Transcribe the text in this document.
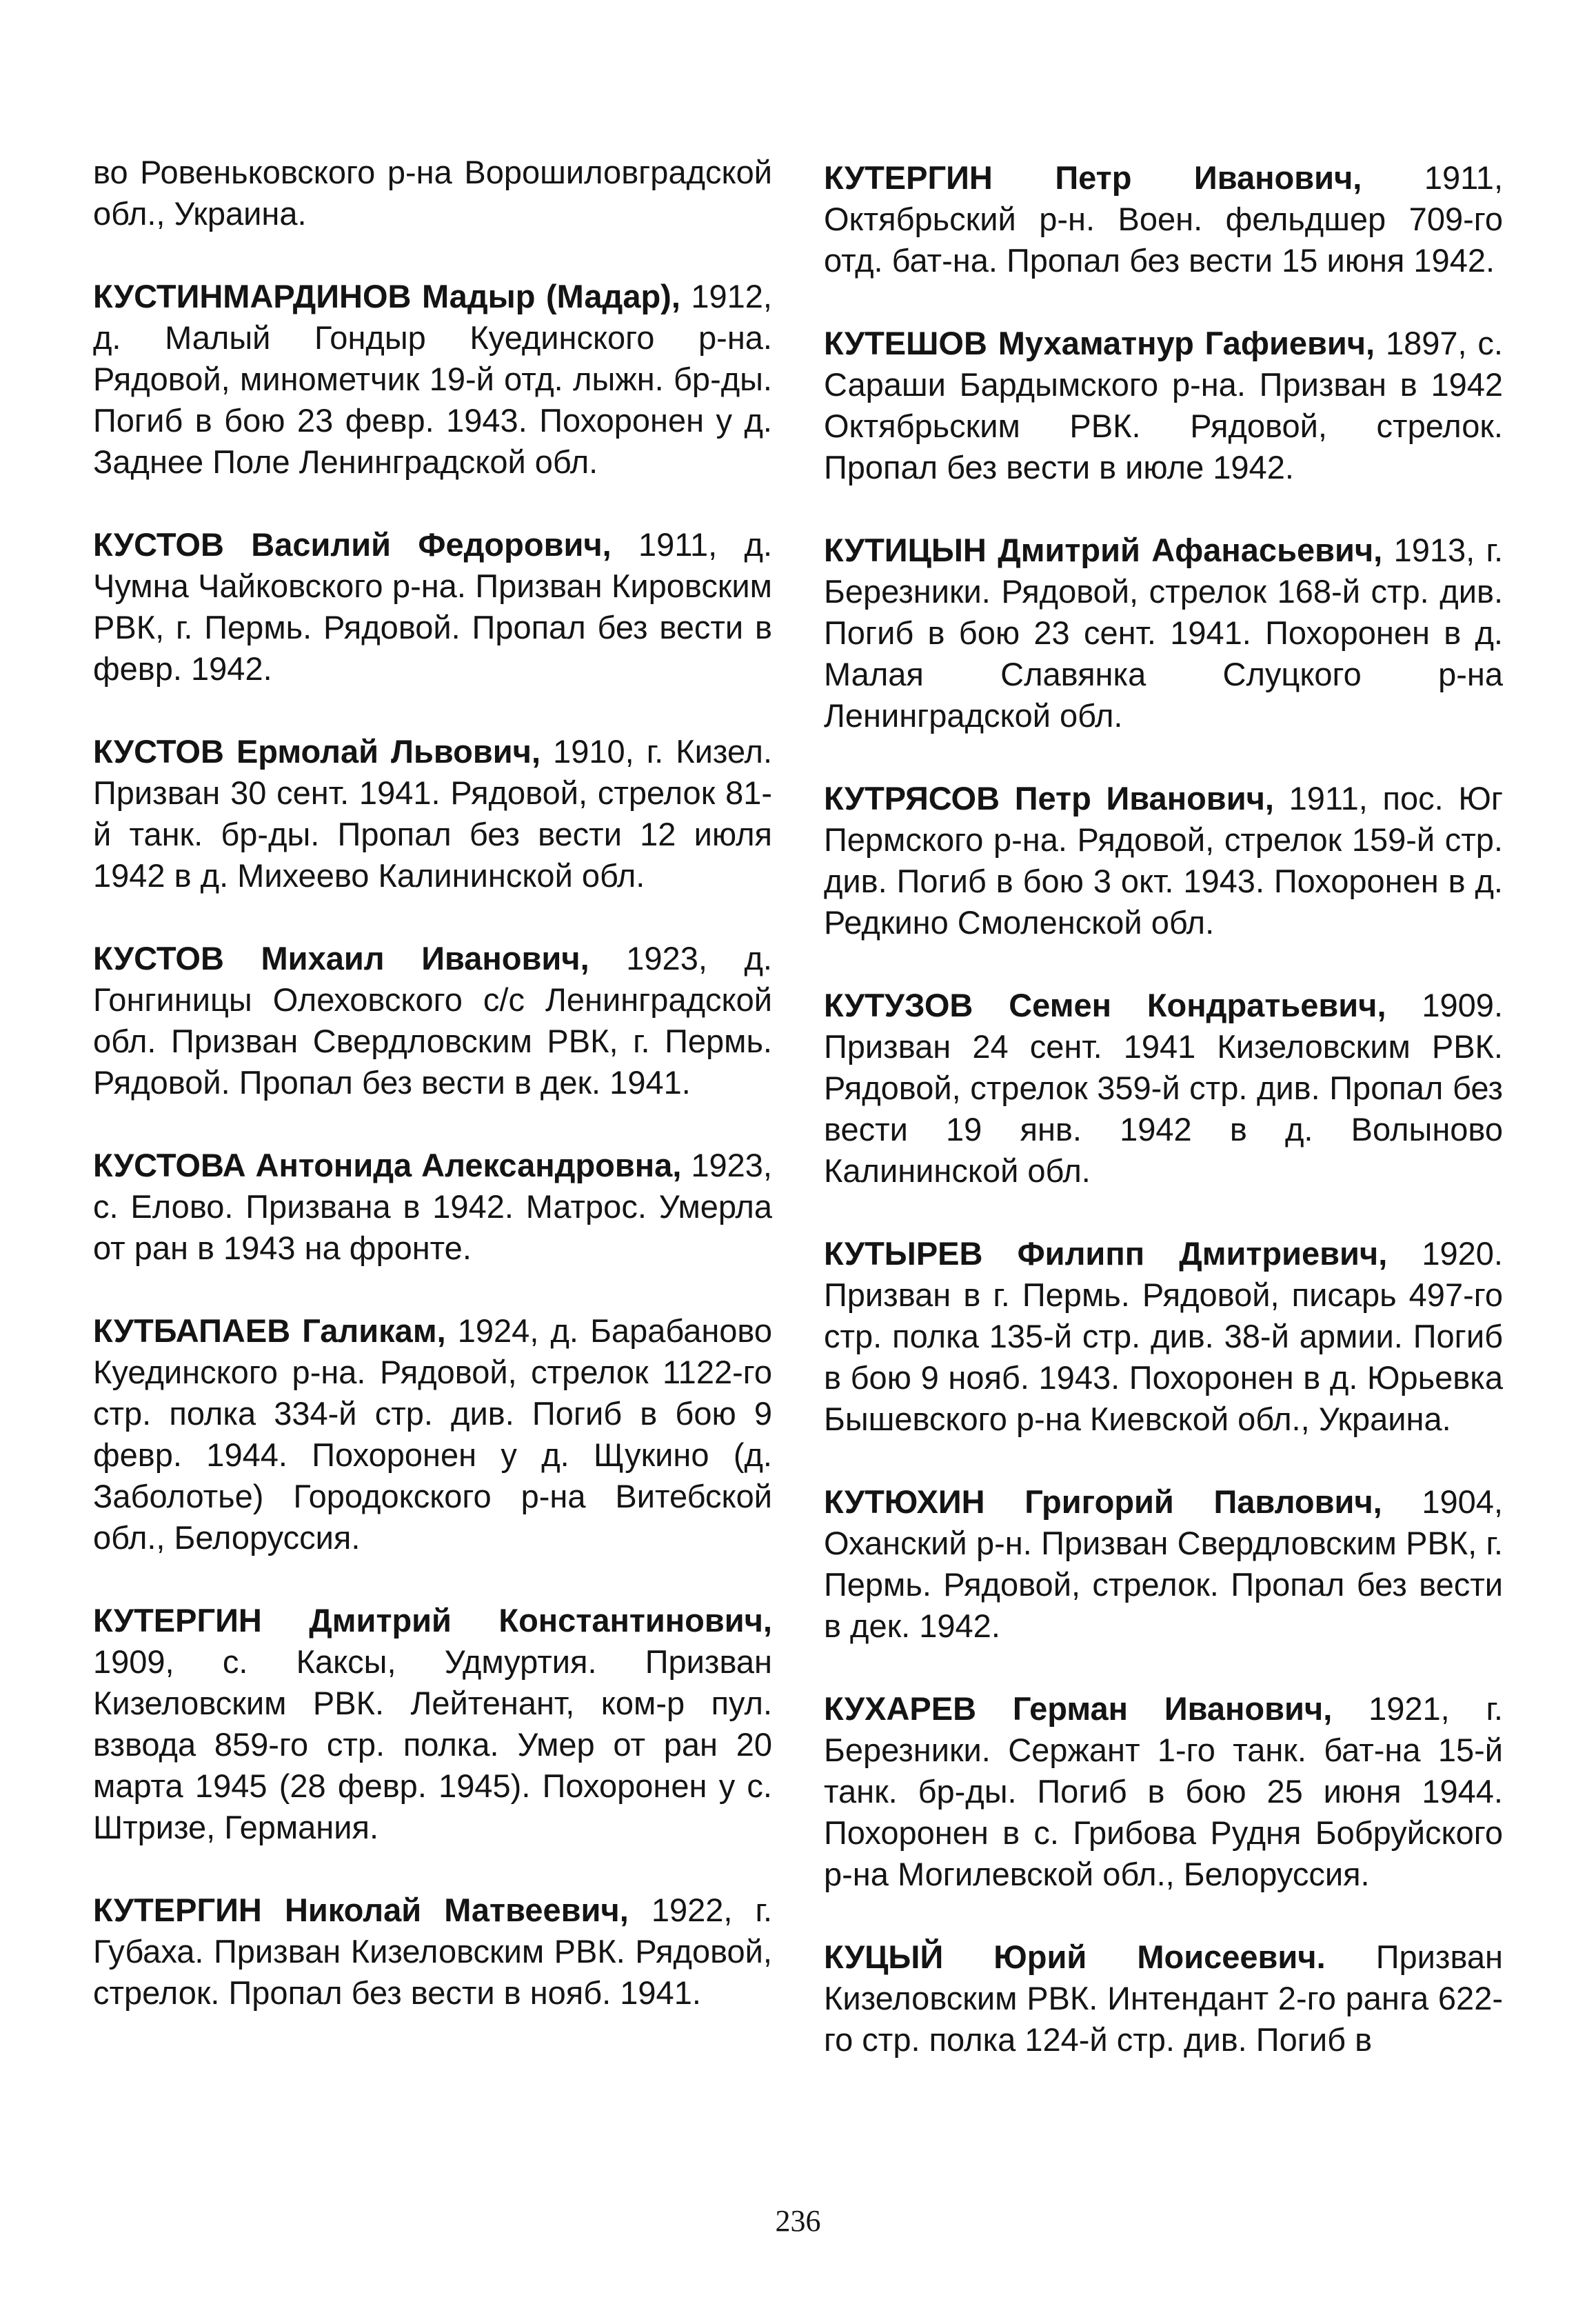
во Ровеньковского р-на Ворошиловградской обл., Украина.

КУСТИНМАРДИНОВ Мадыр (Мадар), 1912, д. Малый Гондыр Куединского р-на. Рядовой, минометчик 19-й отд. лыжн. бр-ды. Погиб в бою 23 февр. 1943. Похоронен у д. Заднее Поле Ленинградской обл.

КУСТОВ Василий Федорович, 1911, д. Чумна Чайковского р-на. Призван Кировским РВК, г. Пермь. Рядовой. Пропал без вести в февр. 1942.

КУСТОВ Ермолай Львович, 1910, г. Кизел. Призван 30 сент. 1941. Рядовой, стрелок 81-й танк. бр-ды. Пропал без вести 12 июля 1942 в д. Михеево Калининской обл.

КУСТОВ Михаил Иванович, 1923, д. Гонгиницы Олеховского с/с Ленинградской обл. Призван Свердловским РВК, г. Пермь. Рядовой. Пропал без вести в дек. 1941.

КУСТОВА Антонида Александровна, 1923, с. Елово. Призвана в 1942. Матрос. Умерла от ран в 1943 на фронте.

КУТБАПАЕВ Галикам, 1924, д. Барабаново Куединского р-на. Рядовой, стрелок 1122-го стр. полка 334-й стр. див. Погиб в бою 9 февр. 1944. Похоронен у д. Щукино (д. Заболотье) Городокского р-на Витебской обл., Белоруссия.

КУТЕРГИН Дмитрий Константинович, 1909, с. Каксы, Удмуртия. Призван Кизеловским РВК. Лейтенант, ком-р пул. взвода 859-го стр. полка. Умер от ран 20 марта 1945 (28 февр. 1945). Похоронен у с. Штризе, Германия.

КУТЕРГИН Николай Матвеевич, 1922, г. Губаха. Призван Кизеловским РВК. Рядовой, стрелок. Пропал без вести в нояб. 1941.

КУТЕРГИН Петр Иванович, 1911, Октябрьский р-н. Воен. фельдшер 709-го отд. бат-на. Пропал без вести 15 июня 1942.

КУТЕШОВ Мухаматнур Гафиевич, 1897, с. Сараши Бардымского р-на. Призван в 1942 Октябрьским РВК. Рядовой, стрелок. Пропал без вести в июле 1942.

КУТИЦЫН Дмитрий Афанасьевич, 1913, г. Березники. Рядовой, стрелок 168-й стр. див. Погиб в бою 23 сент. 1941. Похоронен в д. Малая Славянка Слуцкого р-на Ленинградской обл.

КУТРЯСОВ Петр Иванович, 1911, пос. Юг Пермского р-на. Рядовой, стрелок 159-й стр. див. Погиб в бою 3 окт. 1943. Похоронен в д. Редкино Смоленской обл.

КУТУЗОВ Семен Кондратьевич, 1909. Призван 24 сент. 1941 Кизеловским РВК. Рядовой, стрелок 359-й стр. див. Пропал без вести 19 янв. 1942 в д. Волыново Калининской обл.

КУТЫРЕВ Филипп Дмитриевич, 1920. Призван в г. Пермь. Рядовой, писарь 497-го стр. полка 135-й стр. див. 38-й армии. Погиб в бою 9 нояб. 1943. Похоронен в д. Юрьевка Бышевского р-на Киевской обл., Украина.

КУТЮХИН Григорий Павлович, 1904, Оханский р-н. Призван Свердловским РВК, г. Пермь. Рядовой, стрелок. Пропал без вести в дек. 1942.

КУХАРЕВ Герман Иванович, 1921, г. Березники. Сержант 1-го танк. бат-на 15-й танк. бр-ды. Погиб в бою 25 июня 1944. Похоронен в с. Грибова Рудня Бобруйского р-на Могилевской обл., Белоруссия.

КУЦЫЙ Юрий Моисеевич. Призван Кизеловским РВК. Интендант 2-го ранга 622-го стр. полка 124-й стр. див. Погиб в

236
